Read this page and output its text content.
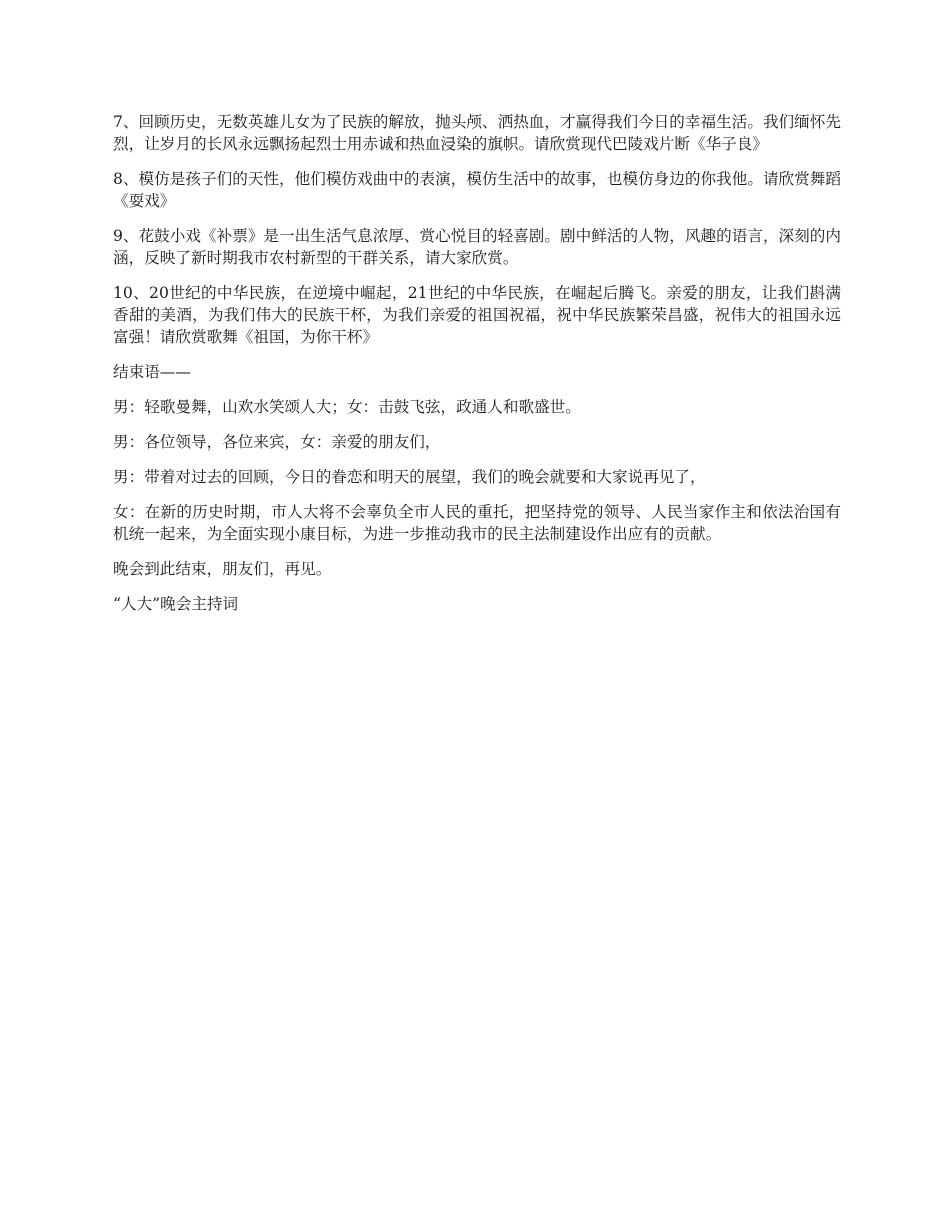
7、回顾历史，无数英雄儿女为了民族的解放，抛头颅、洒热血，才赢得我们今日的幸福生活。我们缅怀先烈，让岁月的长风永远飘扬起烈士用赤诚和热血浸染的旗帜。请欣赏现代巴陵戏片断《华子良》

8、模仿是孩子们的天性，他们模仿戏曲中的表演，模仿生活中的故事，也模仿身边的你我他。请欣赏舞蹈《耍戏》

9、花鼓小戏《补票》是一出生活气息浓厚、赏心悦目的轻喜剧。剧中鲜活的人物，风趣的语言，深刻的内涵，反映了新时期我市农村新型的干群关系，请大家欣赏。

10、20世纪的中华民族，在逆境中崛起，21世纪的中华民族，在崛起后腾飞。亲爱的朋友，让我们斟满香甜的美酒，为我们伟大的民族干杯，为我们亲爱的祖国祝福，祝中华民族繁荣昌盛，祝伟大的祖国永远富强！请欣赏歌舞《祖国，为你干杯》

结束语——

男：轻歌曼舞，山欢水笑颂人大；女：击鼓飞弦，政通人和歌盛世。

男：各位领导，各位来宾，女：亲爱的朋友们，

男：带着对过去的回顾，今日的眷恋和明天的展望，我们的晚会就要和大家说再见了，

女：在新的历史时期，市人大将不会辜负全市人民的重托，把坚持党的领导、人民当家作主和依法治国有机统一起来，为全面实现小康目标，为进一步推动我市的民主法制建设作出应有的贡献。

晚会到此结束，朋友们，再见。

“人大”晚会主持词
